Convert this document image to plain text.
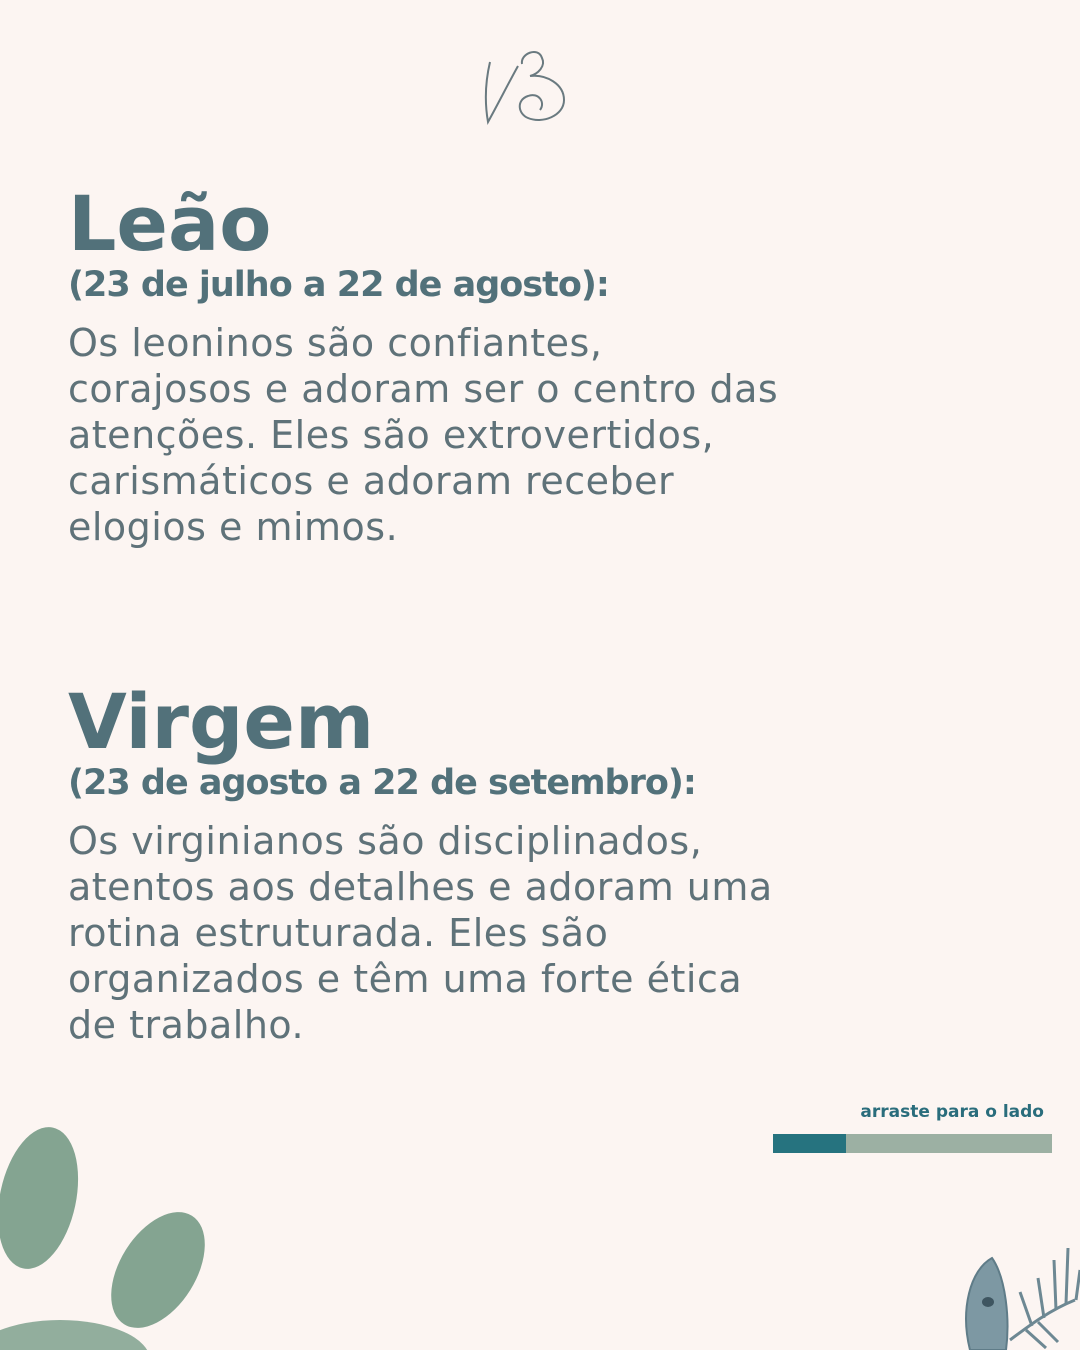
Leão
(23 de julho a 22 de agosto):

Os leoninos são confiantes,
corajosos e adoram ser o centro das
atenções. Eles são extrovertidos,
carismáticos e adoram receber
elogios e mimos.

Virgem
(23 de agosto a 22 de setembro):

Os virginianos são disciplinados,
atentos aos detalhes e adoram uma
rotina estruturada. Eles são
organizados e têm uma forte ética
de trabalho.

arraste para o lado
